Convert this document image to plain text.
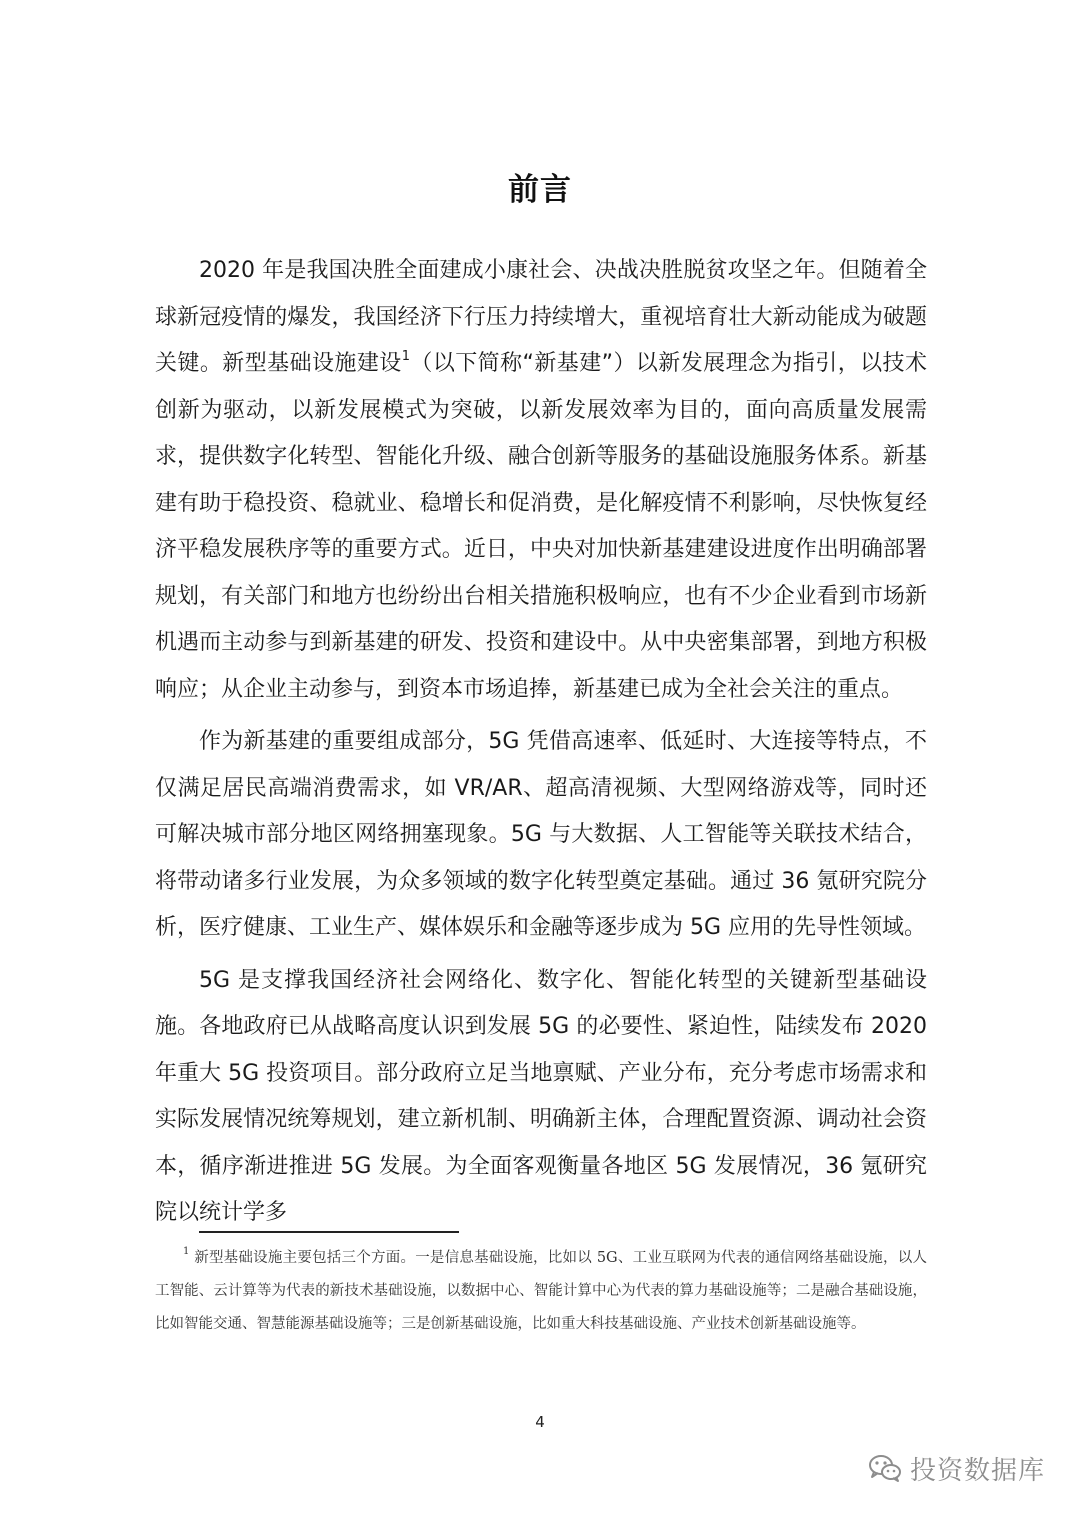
前言

2020 年是我国决胜全面建成小康社会、决战决胜脱贫攻坚之年。但随着全球新冠疫情的爆发，我国经济下行压力持续增大，重视培育壮大新动能成为破题关键。新型基础设施建设$^1$（以下简称“新基建”）以新发展理念为指引，以技术创新为驱动，以新发展模式为突破，以新发展效率为目的，面向高质量发展需求，提供数字化转型、智能化升级、融合创新等服务的基础设施服务体系。新基建有助于稳投资、稳就业、稳增长和促消费，是化解疫情不利影响，尽快恢复经济平稳发展秩序等的重要方式。近日，中央对加快新基建建设进度作出明确部署规划，有关部门和地方也纷纷出台相关措施积极响应，也有不少企业看到市场新机遇而主动参与到新基建的研发、投资和建设中。从中央密集部署，到地方积极响应；从企业主动参与，到资本市场追捧，新基建已成为全社会关注的重点。

作为新基建的重要组成部分，5G 凭借高速率、低延时、大连接等特点，不仅满足居民高端消费需求，如 VR/AR、超高清视频、大型网络游戏等，同时还可解决城市部分地区网络拥塞现象。5G 与大数据、人工智能等关联技术结合，将带动诸多行业发展，为众多领域的数字化转型奠定基础。通过 36 氪研究院分析，医疗健康、工业生产、媒体娱乐和金融等逐步成为 5G 应用的先导性领域。

5G 是支撑我国经济社会网络化、数字化、智能化转型的关键新型基础设施。各地政府已从战略高度认识到发展 5G 的必要性、紧迫性，陆续发布 2020 年重大 5G 投资项目。部分政府立足当地禀赋、产业分布，充分考虑市场需求和实际发展情况统筹规划，建立新机制、明确新主体，合理配置资源、调动社会资本，循序渐进推进 5G 发展。为全面客观衡量各地区 5G 发展情况，36 氪研究院以统计学多

$^1$ 新型基础设施主要包括三个方面。一是信息基础设施，比如以 5G、工业互联网为代表的通信网络基础设施，以人工智能、云计算等为代表的新技术基础设施，以数据中心、智能计算中心为代表的算力基础设施等；二是融合基础设施，比如智能交通、智慧能源基础设施等；三是创新基础设施，比如重大科技基础设施、产业技术创新基础设施等。

4
投资数据库
